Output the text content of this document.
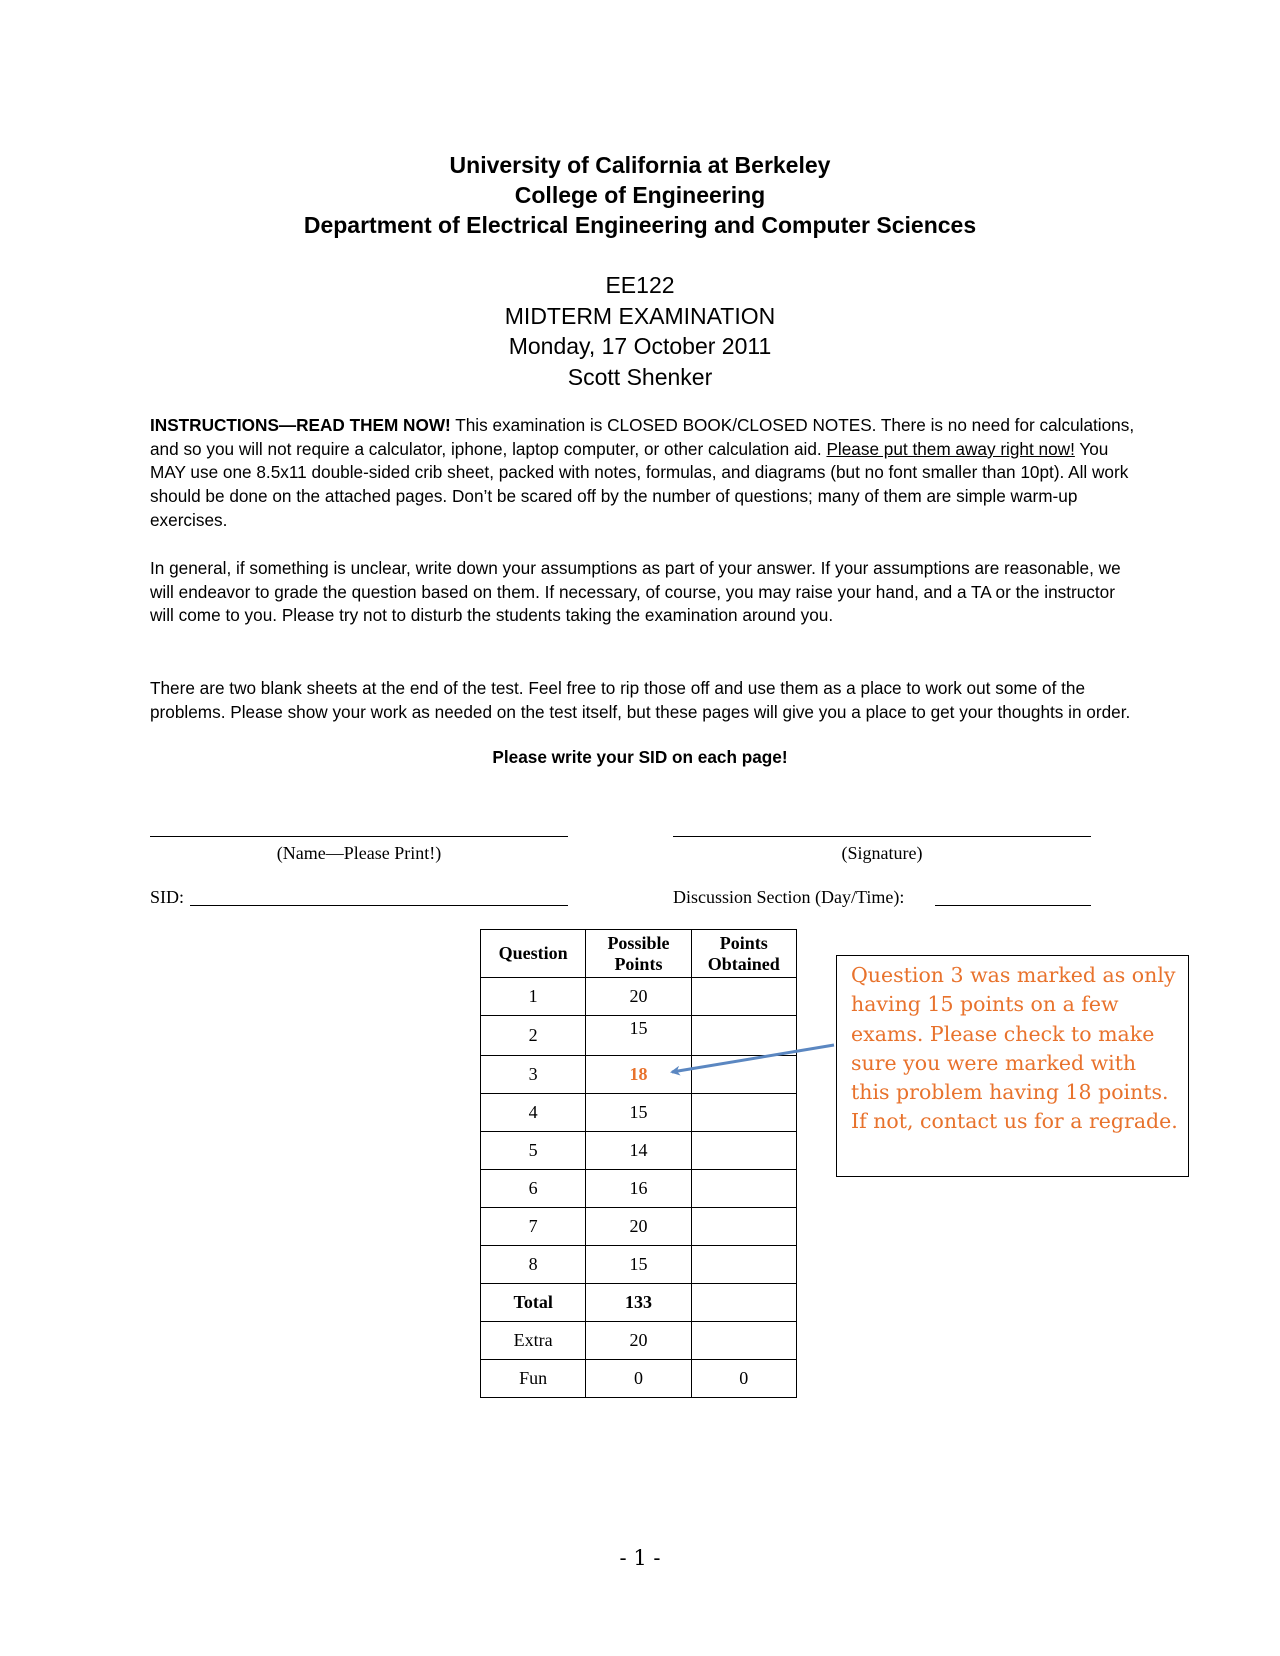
University of California at Berkeley
College of Engineering
Department of Electrical Engineering and Computer Sciences
EE122
MIDTERM EXAMINATION
Monday, 17 October 2011
Scott Shenker
INSTRUCTIONS—READ THEM NOW! This examination is CLOSED BOOK/CLOSED NOTES. There is no need for calculations, and so you will not require a calculator, iphone, laptop computer, or other calculation aid. Please put them away right now! You MAY use one 8.5x11 double-sided crib sheet, packed with notes, formulas, and diagrams (but no font smaller than 10pt). All work should be done on the attached pages. Don’t be scared off by the number of questions; many of them are simple warm-up exercises.
In general, if something is unclear, write down your assumptions as part of your answer. If your assumptions are reasonable, we will endeavor to grade the question based on them. If necessary, of course, you may raise your hand, and a TA or the instructor will come to you. Please try not to disturb the students taking the examination around you.
There are two blank sheets at the end of the test. Feel free to rip those off and use them as a place to work out some of the problems. Please show your work as needed on the test itself, but these pages will give you a place to get your thoughts in order.
Please write your SID on each page!
(Name—Please Print!)	(Signature)
SID:	Discussion Section (Day/Time):
Question	Possible Points	Points Obtained
1	20	
2	15	
3	18	
4	15	
5	14	
6	16	
7	20	
8	15	
Total	133	
Extra	20	
Fun	0	0
Question 3 was marked as only having 15 points on a few exams. Please check to make sure you were marked with this problem having 18 points. If not, contact us for a regrade.
- 1 -
